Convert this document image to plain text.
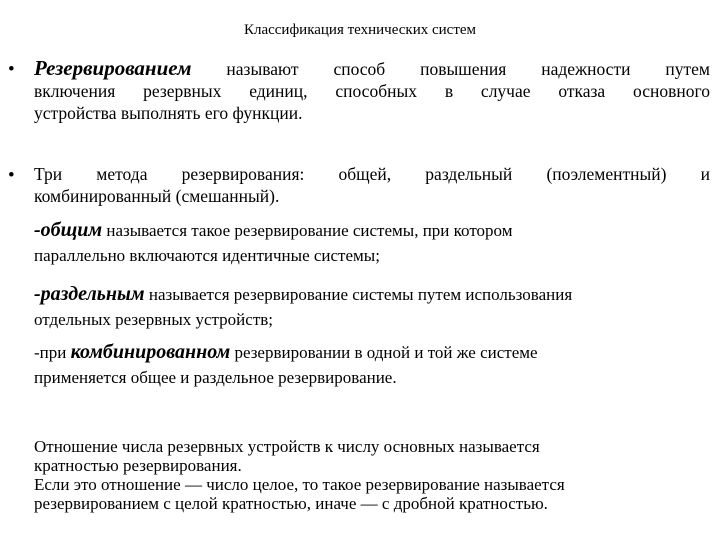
Классификация технических систем
• Резервированием называют способ повышения надежности путем
включения резервных единиц, способных в случае отказа основного
устройства выполнять его функции.
• Три метода резервирования: общей, раздельный (поэлементный) и
комбинированный (смешанный).
-общим называется такое резервирование системы, при котором
параллельно включаются идентичные системы;
-раздельным называется резервирование системы путем использования
отдельных резервных устройств;
-при комбинированном резервировании в одной и той же системе
применяется общее и раздельное резервирование.
Отношение числа резервных устройств к числу основных называется
кратностью резервирования.
Если это отношение — число целое, то такое резервирование называется
резервированием с целой кратностью, иначе — с дробной кратностью.
